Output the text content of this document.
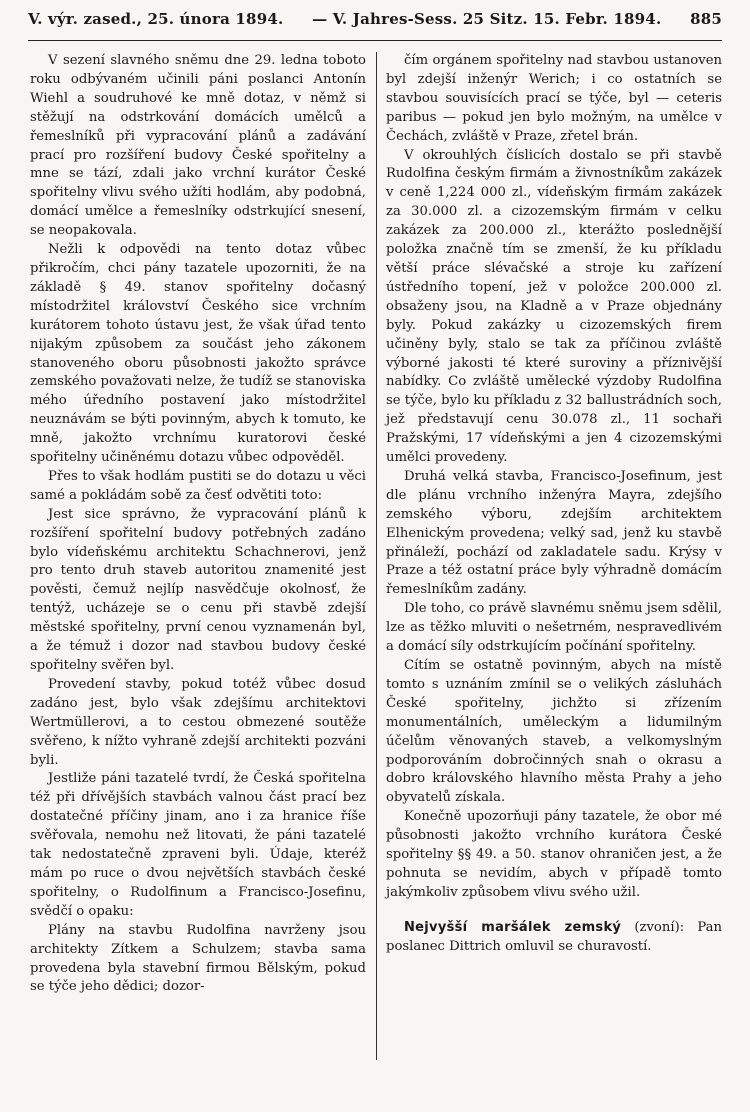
V. výr. zased., 25. února 1894. — V. Jahres-Sess. 25 Sitz. 15. Febr. 1894. 885

V sezení slavného sněmu dne 29. ledna toboto roku odbývaném učinili páni poslanci Antonín Wiehl a soudruhové ke mně dotaz, v němž si stěžují na odstrkování domácích umělců a řemeslníků při vypracování plánů a zadávání prací pro rozšíření budovy České spořitelny a mne se tází, zdali jako vrchní kurátor České spořitelny vlivu svého užíti hodlám, aby podobná, domácí umělce a řemeslníky odstrkující snesení, se neopakovala.

Nežli k odpovědi na tento dotaz vůbec přikročím, chci pány tazatele upozorniti, že na základě § 49. stanov spořitelny dočasný místodržitel království Českého sice vrchním kurátorem tohoto ústavu jest, že však úřad tento nijakým způsobem za součást jeho zákonem stanoveného oboru působnosti jakožto správce zemského považovati nelze, že tudíž se stanoviska mého úředního postavení jako místodržitel neuznávám se býti povinným, abych k tomuto, ke mně, jakožto vrchnímu kuratorovi české spořitelny učiněnému dotazu vůbec odpověděl.

Přes to však hodlám pustiti se do dotazu u věci samé a pokládám sobě za česť odvětiti toto:

Jest sice správno, že vypracování plánů k rozšíření spořitelní budovy potřebných zadáno bylo vídeňskému architektu Schachnerovi, jenž pro tento druh staveb autoritou znamenité jest pověsti, čemuž nejlíp nasvědčuje okolnosť, že tentýž, ucházeje se o cenu při stavbě zdejší městské spořitelny, první cenou vyznamenán byl, a že témuž i dozor nad stavbou budovy české spořitelny svěřen byl.

Provedení stavby, pokud totéž vůbec dosud zadáno jest, bylo však zdejšímu architektovi Wertmüllerovi, a to cestou obmezené soutěže svěřeno, k nížto vyhraně zdejší architekti pozváni byli.

Jestliže páni tazatelé tvrdí, že Česká spořitelna též při dřívějších stavbách valnou část prací bez dostatečné příčiny jinam, ano i za hranice říše svěřovala, nemohu než litovati, že páni tazatelé tak nedostatečně zpraveni byli. Údaje, kteréž mám po ruce o dvou největších stavbách české spořitelny, o Rudolfinum a Francisco-Josefinu, svědčí o opaku:

Plány na stavbu Rudolfina navrženy jsou architekty Zítkem a Schulzem; stavba sama provedena byla stavební firmou Bělským, pokud se týče jeho dědici; dozor-

čím orgánem spořitelny nad stavbou ustanoven byl zdejší inženýr Werich; i co ostatních se stavbou souvisících prací se týče, byl — ceteris paribus — pokud jen bylo možným, na umělce v Čechách, zvláště v Praze, zřetel brán.

V okrouhlých číslicích dostalo se při stavbě Rudolfina českým firmám a živnostníkům zakázek v ceně 1,224 000 zl., vídeňským firmám zakázek za 30.000 zl. a cizozemským firmám v celku zakázek za 200.000 zl., kterážto poslednější položka značně tím se zmenší, že ku příkladu větší práce slévačské a stroje ku zařízení ústředního topení, jež v položce 200.000 zl. obsaženy jsou, na Kladně a v Praze objednány byly. Pokud zakázky u cizozemských firem učiněny byly, stalo se tak za příčinou zvláště výborné jakosti té které suroviny a příznivější nabídky. Co zvláště umělecké výzdoby Rudolfina se týče, bylo ku příkladu z 32 ballustrádních soch, jež představují cenu 30.078 zl., 11 sochaři Pražskými, 17 vídeňskými a jen 4 cizozemskými umělci provedeny.

Druhá velká stavba, Francisco-Josefinum, jest dle plánu vrchního inženýra Mayra, zdejšího zemského výboru, zdejším architektem Elhenickým provedena; velký sad, jenž ku stavbě přináleží, pochází od zakladatele sadu. Krýsy v Praze a též ostatní práce byly výhradně domácím řemeslníkům zadány.

Dle toho, co právě slavnému sněmu jsem sdělil, lze as těžko mluviti o nešetrném, nespravedlivém a domácí síly odstrkujícím počínání spořitelny.

Cítím se ostatně povinným, abych na místě tomto s uznáním zmínil se o velikých zásluhách České spořitelny, jichžto si zřízením monumentálních, uměleckým a lidumilným účelům věnovaných staveb, a velkomyslným podporováním dobročinných snah o okrasu a dobro královského hlavního města Prahy a jeho obyvatelů získala.

Konečně upozorňuji pány tazatele, že obor mé působnosti jakožto vrchního kurátora České spořitelny §§ 49. a 50. stanov ohraničen jest, a že pohnuta se nevidím, abych v případě tomto jakýmkoliv způsobem vlivu svého užil.

Nejvyšší maršálek zemský (zvoní): Pan poslanec Dittrich omluvil se churavostí.
